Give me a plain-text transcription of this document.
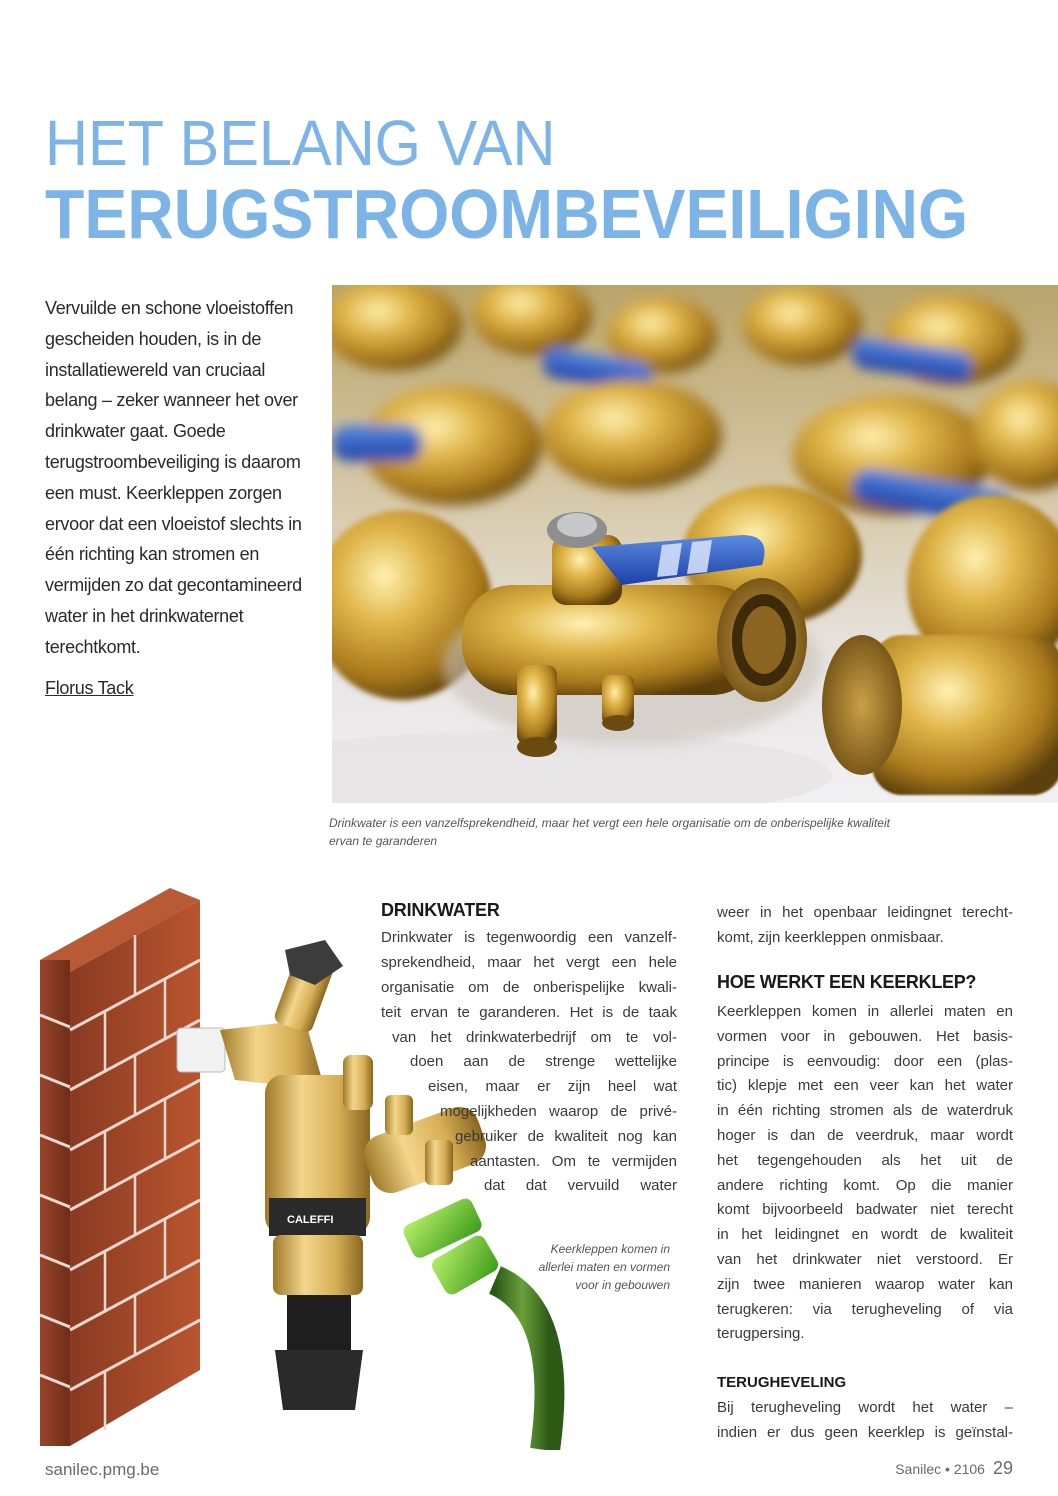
HET BELANG VAN
TERUGSTROOMBEVEILIGING

Vervuilde en schone vloeistoffen

gescheiden houden, is in de

installatiewereld van cruciaal

belang – zeker wanneer het over

drinkwater gaat. Goede

terugstroombeveiliging is daarom

een must. Keerkleppen zorgen

ervoor dat een vloeistof slechts in

één richting kan stromen en

vermijden zo dat gecontamineerd

water in het drinkwaternet

terechtkomt.

Florus Tack
Drinkwater is een vanzelfsprekendheid, maar het vergt een hele organisatie om de onberispelijke kwaliteit
ervan te garanderen
CALEFFI
DRINKWATER
Drinkwater is tegenwoordig een vanzelf-
sprekendheid, maar het vergt een hele
organisatie om de onberispelijke kwali-
teit ervan te garanderen. Het is de taak
van het drinkwaterbedrijf om te vol-
doen aan de strenge wettelijke
eisen, maar er zijn heel wat
mogelijkheden waarop de privé-
gebruiker de kwaliteit nog kan
aantasten. Om te vermijden
dat dat vervuild water
Keerkleppen komen in
allerlei maten en vormen
voor in gebouwen
weer in het openbaar leidingnet terecht-
komt, zijn keerkleppen onmisbaar.
HOE WERKT EEN KEERKLEP?
Keerkleppen komen in allerlei maten en
vormen voor in gebouwen. Het basis-
principe is eenvoudig: door een (plas-
tic) klepje met een veer kan het water
in één richting stromen als de waterdruk
hoger is dan de veerdruk, maar wordt
het tegengehouden als het uit de
andere richting komt. Op die manier
komt bijvoorbeeld badwater niet terecht
in het leidingnet en wordt de kwaliteit
van het drinkwater niet verstoord. Er
zijn twee manieren waarop water kan
terugkeren: via terugheveling of via
terugpersing.
TERUGHEVELING
Bij terugheveling wordt het water –
indien er dus geen keerklep is geïnstal-
sanilec.pmg.be	Sanilec • 2106 29
